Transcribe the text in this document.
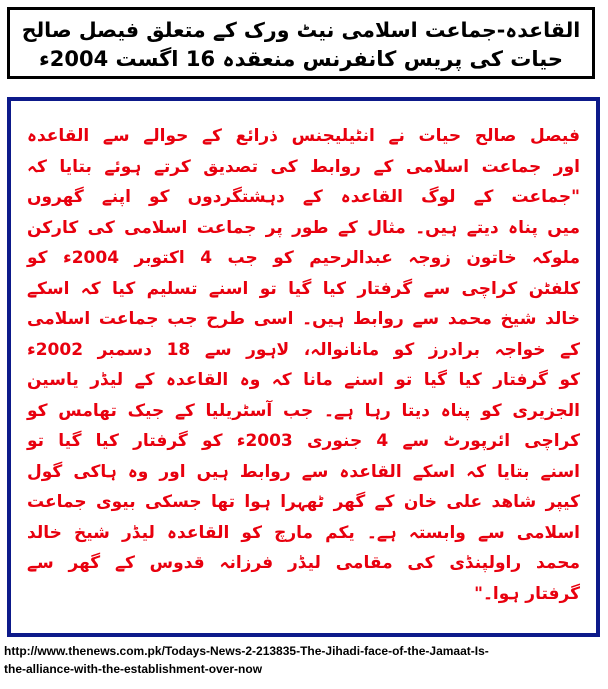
القاعدہ-جماعت اسلامی نیٹ ورک کے متعلق فیصل صالح
حیات کی پریس کانفرنس منعقدہ 16 اگست 2004ء
فیصل صالح حیات نے انٹیلیجنس ذرائع کے حوالے سے القاعدہ
اور جماعت اسلامی کے روابط کی تصدیق کرتے ہوئے بتایا کہ
"جماعت کے لوگ القاعدہ کے دہشتگردوں کو اپنے گھروں
میں پناہ دیتے ہیں۔ مثال کے طور پر جماعت اسلامی کی کارکن
ملوکہ خاتون زوجہ عبدالرحیم کو جب 4 اکتوبر 2004ء کو
کلفٹن کراچی سے گرفتار کیا گیا تو اسنے تسلیم کیا کہ اسکے
خالد شیخ محمد سے روابط ہیں۔ اسی طرح جب جماعت اسلامی
کے خواجہ برادرز کو مانانوالہ، لاہور سے 18 دسمبر 2002ء
کو گرفتار کیا گیا تو اسنے مانا کہ وہ القاعدہ کے لیڈر یاسین
الجزیری کو پناہ دیتا رہا ہے۔ جب آسٹریلیا کے جیک تھامس کو
کراچی ائرپورٹ سے 4 جنوری 2003ء کو گرفتار کیا گیا تو
اسنے بتایا کہ اسکے القاعدہ سے روابط ہیں اور وہ ہاکی گول
کیپر شاھد علی خان کے گھر ٹھہرا ہوا تھا جسکی بیوی جماعت
اسلامی سے وابستہ ہے۔ یکم مارچ کو القاعدہ لیڈر شیخ خالد
محمد راولپنڈی کی مقامی لیڈر فرزانہ قدوس کے گھر سے
گرفتار ہوا۔"
http://www.thenews.com.pk/Todays-News-2-213835-The-Jihadi-face-of-the-Jamaat-Is-
the-alliance-with-the-establishment-over-now
